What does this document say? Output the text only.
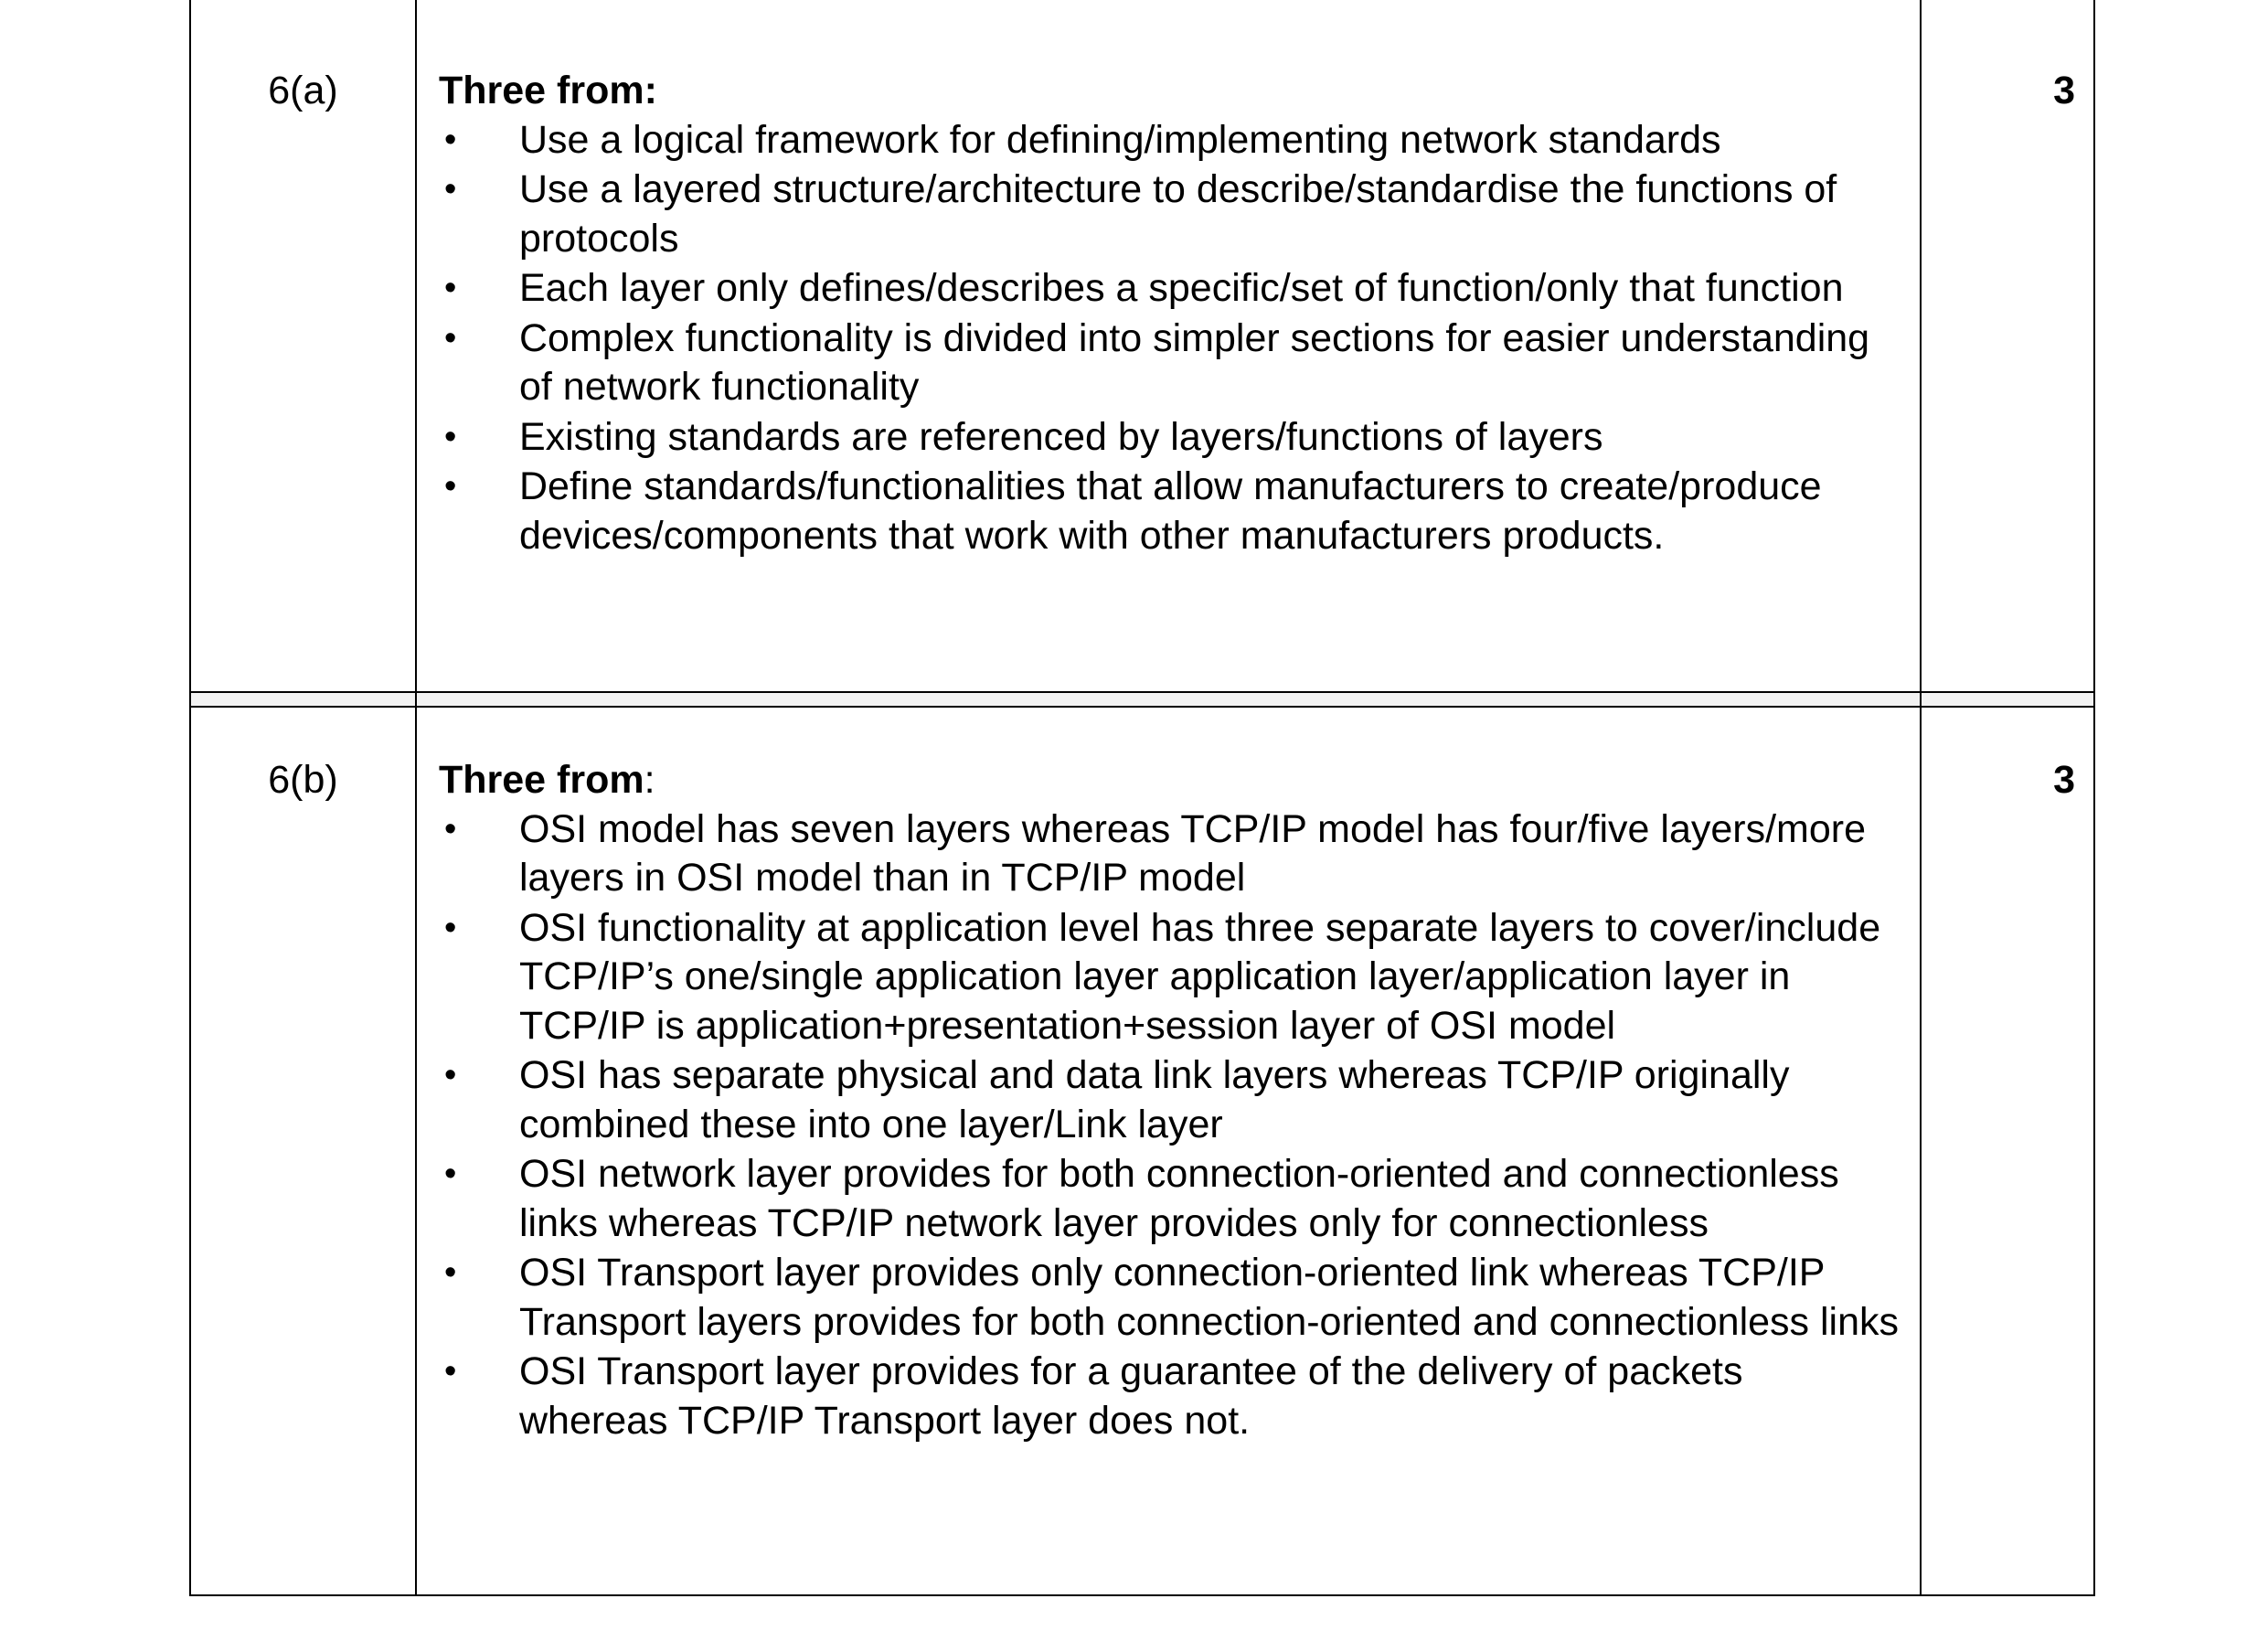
6(a)	Three from:

• Use a logical framework for defining/implementing network standards
• Use a layered structure/architecture to describe/standardise the functions of protocols
• Each layer only defines/describes a specific/set of function/only that function
• Complex functionality is divided into simpler sections for easier understanding of network functionality
• Existing standards are referenced by layers/functions of layers
• Define standards/functionalities that allow manufacturers to create/produce devices/components that work with other manufacturers products.
3
6(b)	Three from:

• OSI model has seven layers whereas TCP/IP model has four/five layers/more layers in OSI model than in TCP/IP model
• OSI functionality at application level has three separate layers to cover/include TCP/IP’s one/single application layer application layer/application layer in TCP/IP is application+presentation+session layer of OSI model
• OSI has separate physical and data link layers whereas TCP/IP originally combined these into one layer/Link layer
• OSI network layer provides for both connection-oriented and connectionless links whereas TCP/IP network layer provides only for connectionless
• OSI Transport layer provides only connection-oriented link whereas TCP/IP Transport layers provides for both connection-oriented and connectionless links
• OSI Transport layer provides for a guarantee of the delivery of packets whereas TCP/IP Transport layer does not.
3
